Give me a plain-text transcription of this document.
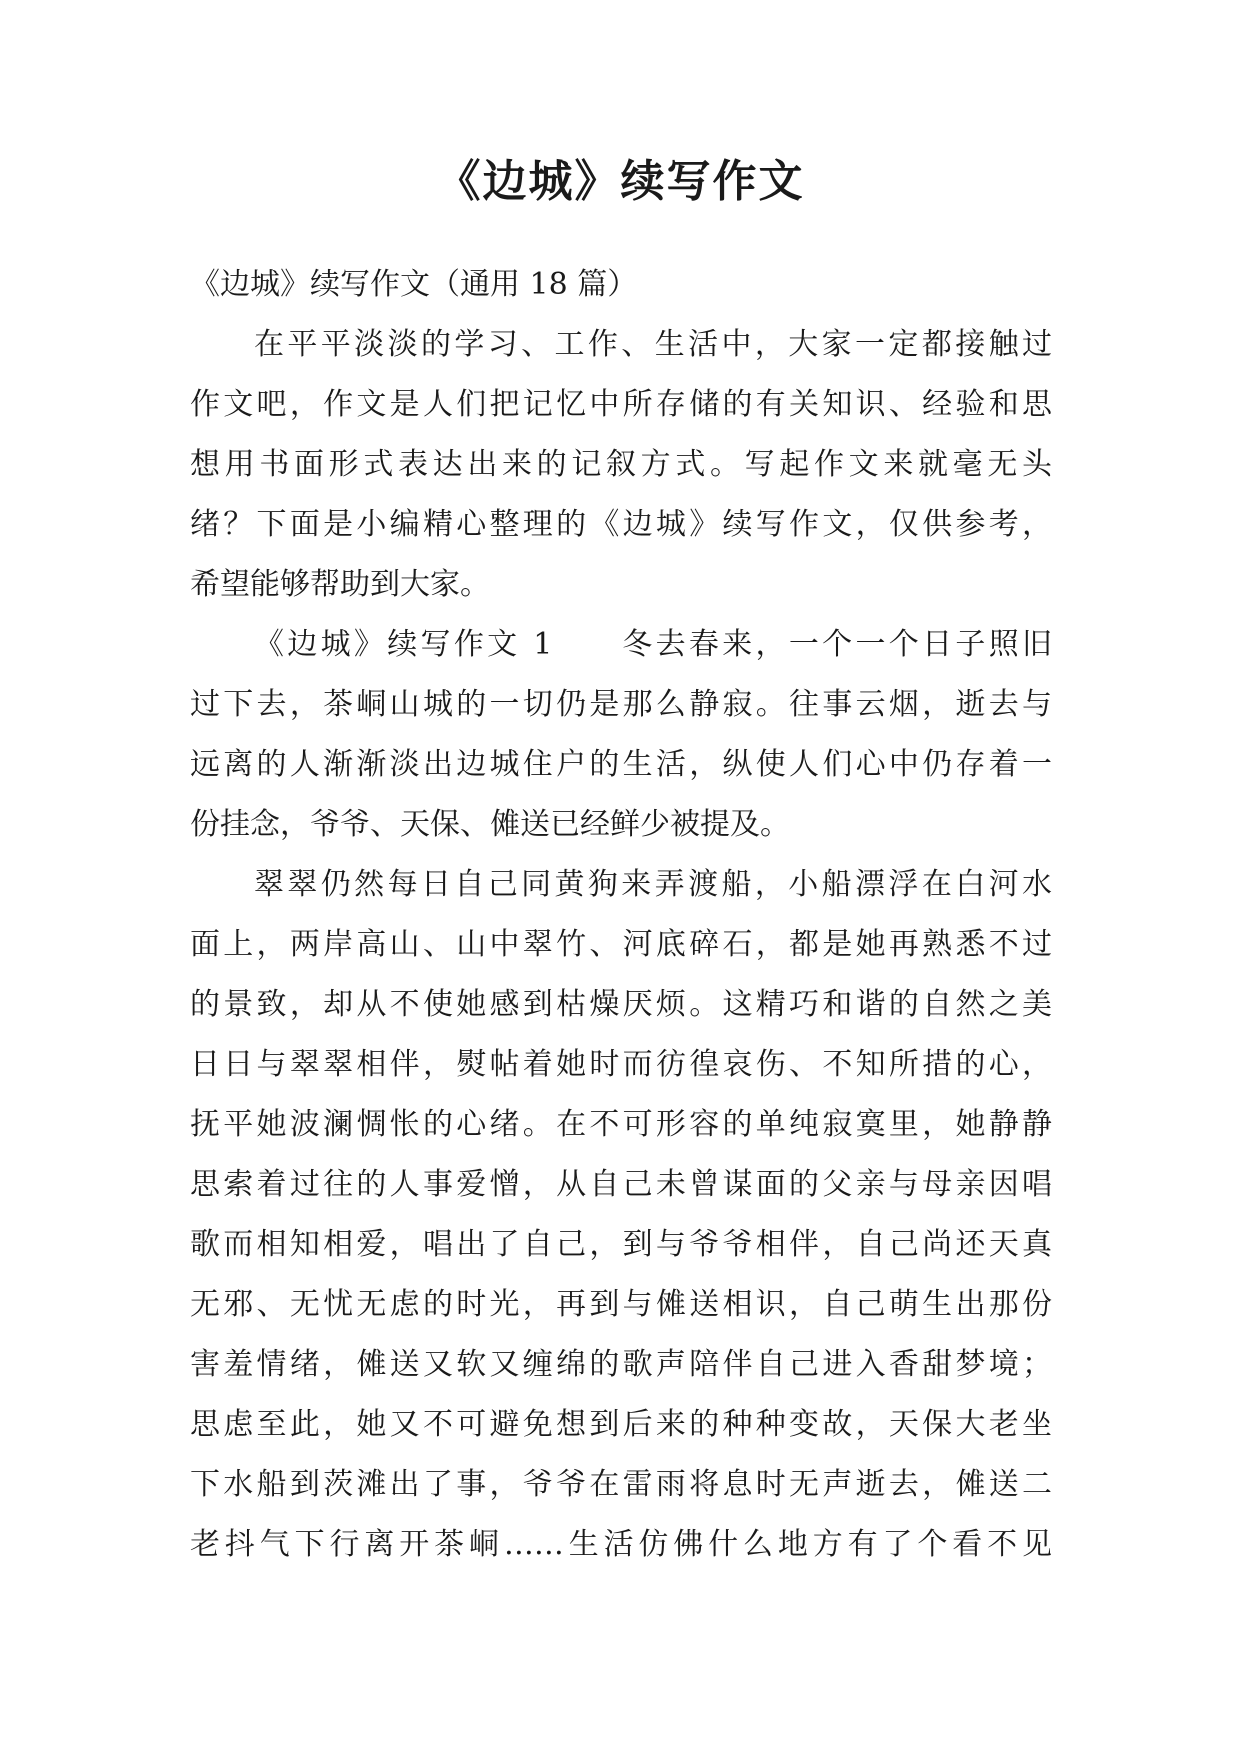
《边城》续写作文
《边城》续写作文（通用 18 篇）
在平平淡淡的学习、工作、生活中，大家一定都接触过
作文吧，作文是人们把记忆中所存储的有关知识、经验和思
想用书面形式表达出来的记叙方式。写起作文来就毫无头
绪？下面是小编精心整理的《边城》续写作文，仅供参考，
希望能够帮助到大家。
《边城》续写作文 1　　冬去春来，一个一个日子照旧
过下去，茶峒山城的一切仍是那么静寂。往事云烟，逝去与
远离的人渐渐淡出边城住户的生活，纵使人们心中仍存着一
份挂念，爷爷、天保、傩送已经鲜少被提及。
翠翠仍然每日自己同黄狗来弄渡船，小船漂浮在白河水
面上，两岸高山、山中翠竹、河底碎石，都是她再熟悉不过
的景致，却从不使她感到枯燥厌烦。这精巧和谐的自然之美
日日与翠翠相伴，熨帖着她时而彷徨哀伤、不知所措的心，
抚平她波澜惆怅的心绪。在不可形容的单纯寂寞里，她静静
思索着过往的人事爱憎，从自己未曾谋面的父亲与母亲因唱
歌而相知相爱，唱出了自己，到与爷爷相伴，自己尚还天真
无邪、无忧无虑的时光，再到与傩送相识，自己萌生出那份
害羞情绪，傩送又软又缠绵的歌声陪伴自己进入香甜梦境；
思虑至此，她又不可避免想到后来的种种变故，天保大老坐
下水船到茨滩出了事，爷爷在雷雨将息时无声逝去，傩送二
老抖气下行离开茶峒……生活仿佛什么地方有了个看不见
